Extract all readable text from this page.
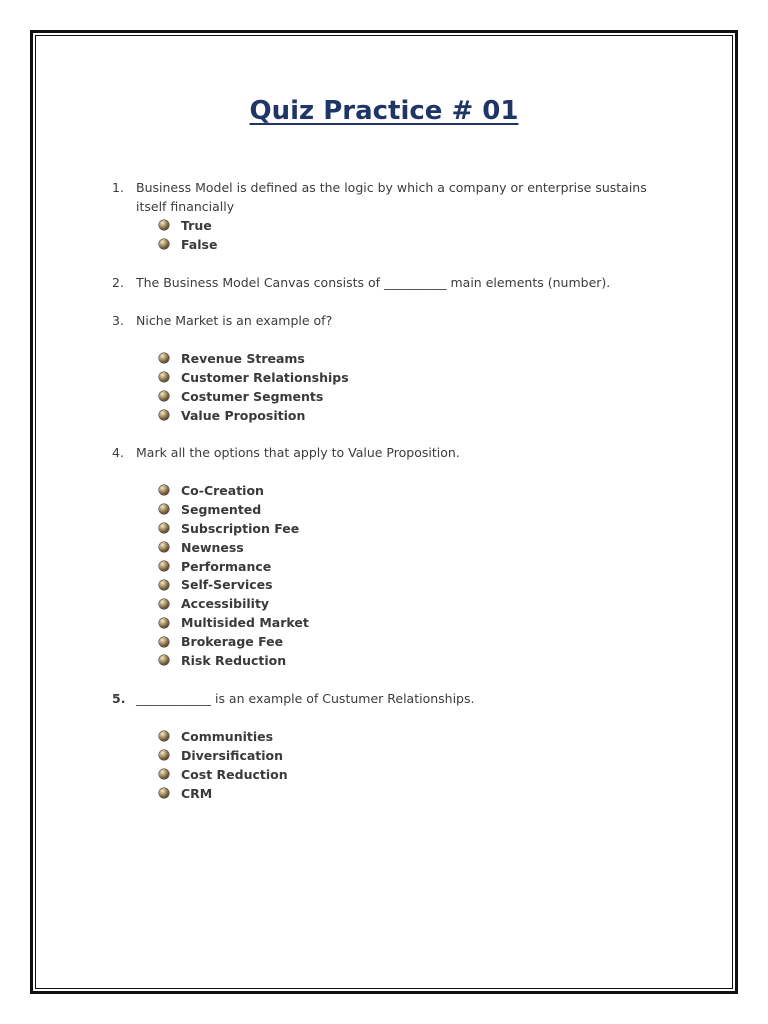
Quiz Practice # 01
1. Business Model is defined as the logic by which a company or enterprise sustains itself financially
True
False
2. The Business Model Canvas consists of __________ main elements (number).
3. Niche Market is an example of?
Revenue Streams
Customer Relationships
Costumer Segments
Value Proposition
4. Mark all the options that apply to Value Proposition.
Co-Creation
Segmented
Subscription Fee
Newness
Performance
Self-Services
Accessibility
Multisided Market
Brokerage Fee
Risk Reduction
5. ____________ is an example of Custumer Relationships.
Communities
Diversification
Cost Reduction
CRM
